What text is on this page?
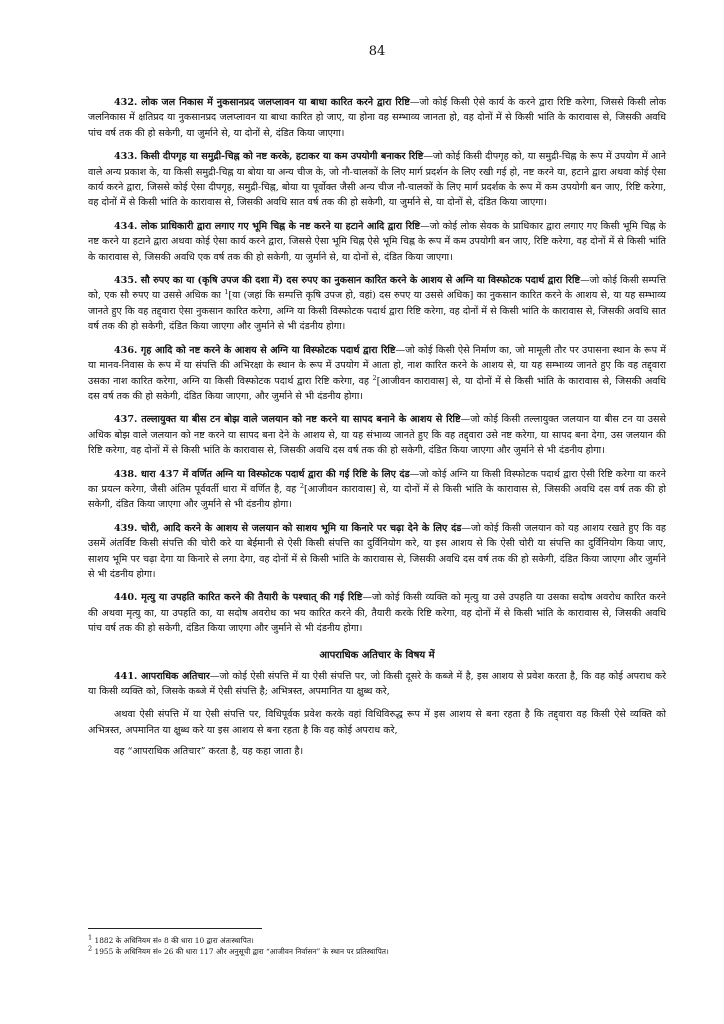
84
432. लोक जल निकास में नुकसानप्रद जलप्लावन या बाधा कारित करने द्वारा रिष्टि—जो कोई किसी ऐसे कार्य के करने द्वारा रिष्टि करेगा, जिससे किसी लोक जलनिकास में क्षतिप्रद या नुकसानप्रद जलप्लावन या बाधा कारित हो जाए, या होना वह सम्भाव्य जानता हो, वह दोनों में से किसी भांति के कारावास से, जिसकी अवधि पांच वर्ष तक की हो सकेगी, या जुर्माने से, या दोनों से, दंडित किया जाएगा।
433. किसी दीपगृह या समुद्री-चिह्न को नष्ट करके, हटाकर या कम उपयोगी बनाकर रिष्टि—जो कोई किसी दीपगृह को, या समुद्री-चिह्न के रूप में उपयोग में आने वाले अन्य प्रकाश के, या किसी समुद्री-चिह्न या बोया या अन्य चीज के, जो नौ-चालकों के लिए मार्ग प्रदर्शन के लिए रखी गई हो, नष्ट करने या, हटाने द्वारा अथवा कोई ऐसा कार्य करने द्वारा, जिससे कोई ऐसा दीपगृह, समुद्री-चिह्न, बोया या पूर्वोक्त जैसी अन्य चीज नौ-चालकों के लिए मार्ग प्रदर्शक के रूप में कम उपयोगी बन जाए, रिष्टि करेगा, वह दोनों में से किसी भांति के कारावास से, जिसकी अवधि सात वर्ष तक की हो सकेगी, या जुर्माने से, या दोनों से, दंडित किया जाएगा।
434. लोक प्राधिकारी द्वारा लगाए गए भूमि चिह्न के नष्ट करने या हटाने आदि द्वारा रिष्टि—जो कोई लोक सेवक के प्राधिकार द्वारा लगाए गए किसी भूमि चिह्न के नष्ट करने या हटाने द्वारा अथवा कोई ऐसा कार्य करने द्वारा, जिससे ऐसा भूमि चिह्न ऐसे भूमि चिह्न के रूप में कम उपयोगी बन जाए, रिष्टि करेगा, वह दोनों में से किसी भांति के कारावास से, जिसकी अवधि एक वर्ष तक की हो सकेगी, या जुर्माने से, या दोनों से, दंडित किया जाएगा।
435. सौ रुपए का या (कृषि उपज की दशा में) दस रुपए का नुकसान कारित करने के आशय से अग्नि या विस्फोटक पदार्थ द्वारा रिष्टि—जो कोई किसी सम्पत्ति को, एक सौ रुपए या उससे अधिक का $^1$[या (जहां कि सम्पत्ति कृषि उपज हो, वहां) दस रुपए या उससे अधिक] का नुकसान कारित करने के आशय से, या यह सम्भाव्य जानते हुए कि वह तद्द्वारा ऐसा नुकसान कारित करेगा, अग्नि या किसी विस्फोटक पदार्थ द्वारा रिष्टि करेगा, वह दोनों में से किसी भांति के कारावास से, जिसकी अवधि सात वर्ष तक की हो सकेगी, दंडित किया जाएगा और जुर्माने से भी दंडनीय होगा।
436. गृह आदि को नष्ट करने के आशय से अग्नि या विस्फोटक पदार्थ द्वारा रिष्टि—जो कोई किसी ऐसे निर्माण का, जो मामूली तौर पर उपासना स्थान के रूप में या मानव-निवास के रूप में या संपत्ति की अभिरक्षा के स्थान के रूप में उपयोग में आता हो, नाश कारित करने के आशय से, या यह सम्भाव्य जानते हुए कि वह तद्द्वारा उसका नाश कारित करेगा, अग्नि या किसी विस्फोटक पदार्थ द्वारा रिष्टि करेगा, वह $^2$[आजीवन कारावास] से, या दोनों में से किसी भांति के कारावास से, जिसकी अवधि दस वर्ष तक की हो सकेगी, दंडित किया जाएगा, और जुर्माने से भी दंडनीय होगा।
437. तल्लायुक्त या बीस टन बोझ वाले जलयान को नष्ट करने या सापद बनाने के आशय से रिष्टि—जो कोई किसी तल्लायुक्त जलयान या बीस टन या उससे अधिक बोझ वाले जलयान को नष्ट करने या सापद बना देने के आशय से, या यह संभाव्य जानते हुए कि वह तद्द्वारा उसे नष्ट करेगा, या सापद बना देगा, उस जलयान की रिष्टि करेगा, वह दोनों में से किसी भांति के कारावास से, जिसकी अवधि दस वर्ष तक की हो सकेगी, दंडित किया जाएगा और जुर्माने से भी दंडनीय होगा।
438. धारा 437 में वर्णित अग्नि या विस्फोटक पदार्थ द्वारा की गई रिष्टि के लिए दंड—जो कोई अग्नि या किसी विस्फोटक पदार्थ द्वारा ऐसी रिष्टि करेगा या करने का प्रयत्न करेगा, जैसी अंतिम पूर्ववर्ती धारा में वर्णित है, वह $^2$[आजीवन कारावास] से, या दोनों में से किसी भांति के कारावास से, जिसकी अवधि दस वर्ष तक की हो सकेगी, दंडित किया जाएगा और जुर्माने से भी दंडनीय होगा।
439. चोरी, आदि करने के आशय से जलयान को साशय भूमि या किनारे पर चढ़ा देने के लिए दंड—जो कोई किसी जलयान को यह आशय रखते हुए कि वह उसमें अंतर्विष्ट किसी संपत्ति की चोरी करे या बेईमानी से ऐसी किसी संपत्ति का दुर्विनियोग करे, या इस आशय से कि ऐसी चोरी या संपत्ति का दुर्विनियोग किया जाए, साशय भूमि पर चढ़ा देगा या किनारे से लगा देगा, वह दोनों में से किसी भांति के कारावास से, जिसकी अवधि दस वर्ष तक की हो सकेगी, दंडित किया जाएगा और जुर्माने से भी दंडनीय होगा।
440. मृत्यु या उपहति कारित करने की तैयारी के पश्चात् की गई रिष्टि—जो कोई किसी व्यक्ति को मृत्यु या उसे उपहति या उसका सदोष अवरोध कारित करने की अथवा मृत्यु का, या उपहति का, या सदोष अवरोध का भय कारित करने की, तैयारी करके रिष्टि करेगा, वह दोनों में से किसी भांति के कारावास से, जिसकी अवधि पांच वर्ष तक की हो सकेगी, दंडित किया जाएगा और जुर्माने से भी दंडनीय होगा।
आपराधिक अतिचार के विषय में
441. आपराधिक अतिचार—जो कोई ऐसी संपत्ति में या ऐसी संपत्ति पर, जो किसी दूसरे के कब्जे में है, इस आशय से प्रवेश करता है, कि वह कोई अपराध करे या किसी व्यक्ति को, जिसके कब्जे में ऐसी संपत्ति है; अभित्रस्त, अपमानित या क्षुब्ध करे,
अथवा ऐसी संपत्ति में या ऐसी संपत्ति पर, विधिपूर्वक प्रवेश करके वहां विधिविरुद्ध रूप में इस आशय से बना रहता है कि तद्द्वारा वह किसी ऐसे व्यक्ति को अभित्रस्त, अपमानित या क्षुब्ध करे या इस आशय से बना रहता है कि वह कोई अपराध करे,
वह “आपराधिक अतिचार” करता है, यह कहा जाता है।
1 1882 के अधिनियम सं० 8 की धारा 10 द्वारा अंतःस्थापित।
2 1955 के अधिनियम सं० 26 की धारा 117 और अनुसूची द्वारा “आजीवन निर्वासन” के स्थान पर प्रतिस्थापित।
